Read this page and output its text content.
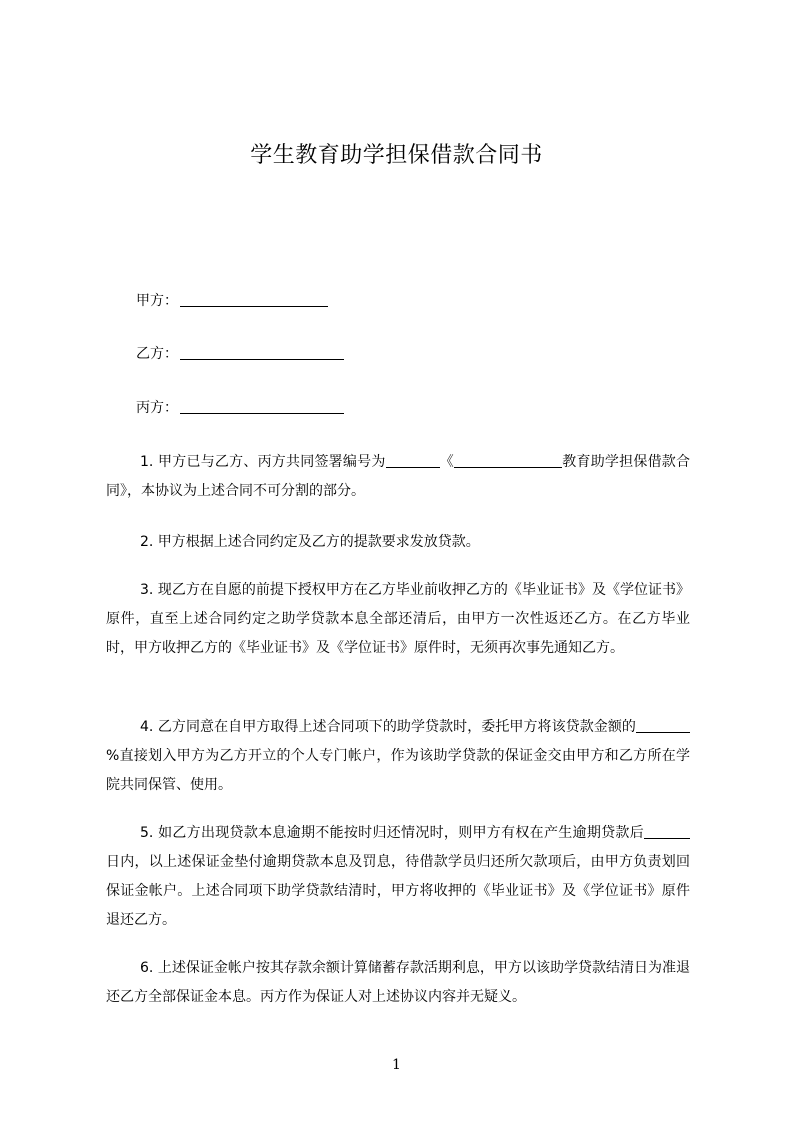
学生教育助学担保借款合同书
甲方：
乙方：
丙方：
1. 甲方已与乙方、丙方共同签署编号为	《	教育助学担保借款合同》，本协议为上述合同不可分割的部分。
2. 甲方根据上述合同约定及乙方的提款要求发放贷款。
3. 现乙方在自愿的前提下授权甲方在乙方毕业前收押乙方的《毕业证书》及《学位证书》原件，直至上述合同约定之助学贷款本息全部还清后，由甲方一次性返还乙方。在乙方毕业时，甲方收押乙方的《毕业证书》及《学位证书》原件时，无须再次事先通知乙方。
4. 乙方同意在自甲方取得上述合同项下的助学贷款时，委托甲方将该贷款金额的%直接划入甲方为乙方开立的个人专门帐户，作为该助学贷款的保证金交由甲方和乙方所在学院共同保管、使用。
5. 如乙方出现贷款本息逾期不能按时归还情况时，则甲方有权在产生逾期贷款后日内，以上述保证金垫付逾期贷款本息及罚息，待借款学员归还所欠款项后，由甲方负责划回保证金帐户。上述合同项下助学贷款结清时，甲方将收押的《毕业证书》及《学位证书》原件退还乙方。
6. 上述保证金帐户按其存款余额计算储蓄存款活期利息，甲方以该助学贷款结清日为准退还乙方全部保证金本息。丙方作为保证人对上述协议内容并无疑义。
1
